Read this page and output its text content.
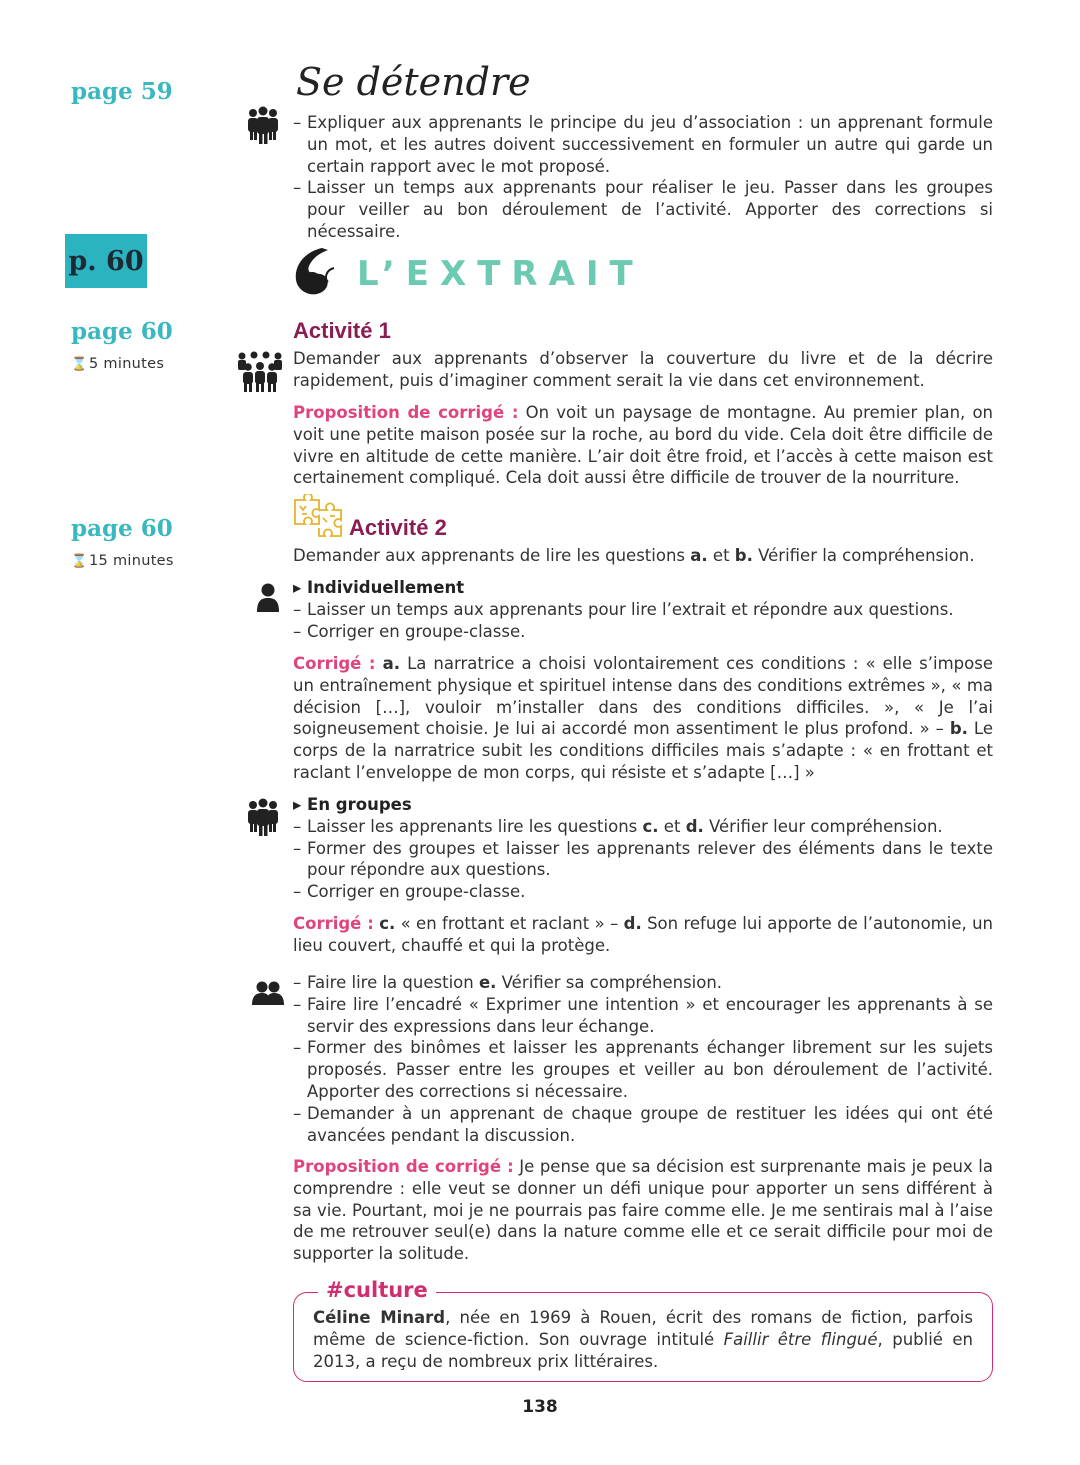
page 59
p. 60
page 60
⌛ 5 minutes
page 60
⌛ 15 minutes
Se détendre
– Expliquer aux apprenants le principe du jeu d’association : un apprenant formule un mot, et les autres doivent successivement en formuler un autre qui garde un certain rapport avec le mot proposé.
– Laisser un temps aux apprenants pour réaliser le jeu. Passer dans les groupes pour veiller au bon déroulement de l’activité. Apporter des corrections si nécessaire.
L’EXTRAIT
Activité 1
Demander aux apprenants d’observer la couverture du livre et de la décrire rapidement, puis d’imaginer comment serait la vie dans cet environnement.
Proposition de corrigé : On voit un paysage de montagne. Au premier plan, on voit une petite maison posée sur la roche, au bord du vide. Cela doit être difficile de vivre en altitude de cette manière. L’air doit être froid, et l’accès à cette maison est certainement compliqué. Cela doit aussi être difficile de trouver de la nourriture.
Activité 2
Demander aux apprenants de lire les questions a. et b. Vérifier la compréhension.
▸ Individuellement
– Laisser un temps aux apprenants pour lire l’extrait et répondre aux questions.
– Corriger en groupe-classe.
Corrigé : a. La narratrice a choisi volontairement ces conditions : « elle s’impose un entraînement physique et spirituel intense dans des conditions extrêmes », « ma décision […], vouloir m’installer dans des conditions difficiles. », « Je l’ai soigneusement choisie. Je lui ai accordé mon assentiment le plus profond. » – b. Le corps de la narratrice subit les conditions difficiles mais s’adapte : « en frottant et raclant l’enveloppe de mon corps, qui résiste et s’adapte […] »
▸ En groupes
– Laisser les apprenants lire les questions c. et d. Vérifier leur compréhension.
– Former des groupes et laisser les apprenants relever des éléments dans le texte pour répondre aux questions.
– Corriger en groupe-classe.
Corrigé : c. « en frottant et raclant » – d. Son refuge lui apporte de l’autonomie, un lieu couvert, chauffé et qui la protège.
– Faire lire la question e. Vérifier sa compréhension.
– Faire lire l’encadré « Exprimer une intention » et encourager les apprenants à se servir des expressions dans leur échange.
– Former des binômes et laisser les apprenants échanger librement sur les sujets proposés. Passer entre les groupes et veiller au bon déroulement de l’activité. Apporter des corrections si nécessaire.
– Demander à un apprenant de chaque groupe de restituer les idées qui ont été avancées pendant la discussion.
Proposition de corrigé : Je pense que sa décision est surprenante mais je peux la comprendre : elle veut se donner un défi unique pour apporter un sens différent à sa vie. Pourtant, moi je ne pourrais pas faire comme elle. Je me sentirais mal à l’aise de me retrouver seul(e) dans la nature comme elle et ce serait difficile pour moi de supporter la solitude.
#culture
Céline Minard, née en 1969 à Rouen, écrit des romans de fiction, parfois même de science-fiction. Son ouvrage intitulé Faillir être flingué, publié en 2013, a reçu de nombreux prix littéraires.
138
